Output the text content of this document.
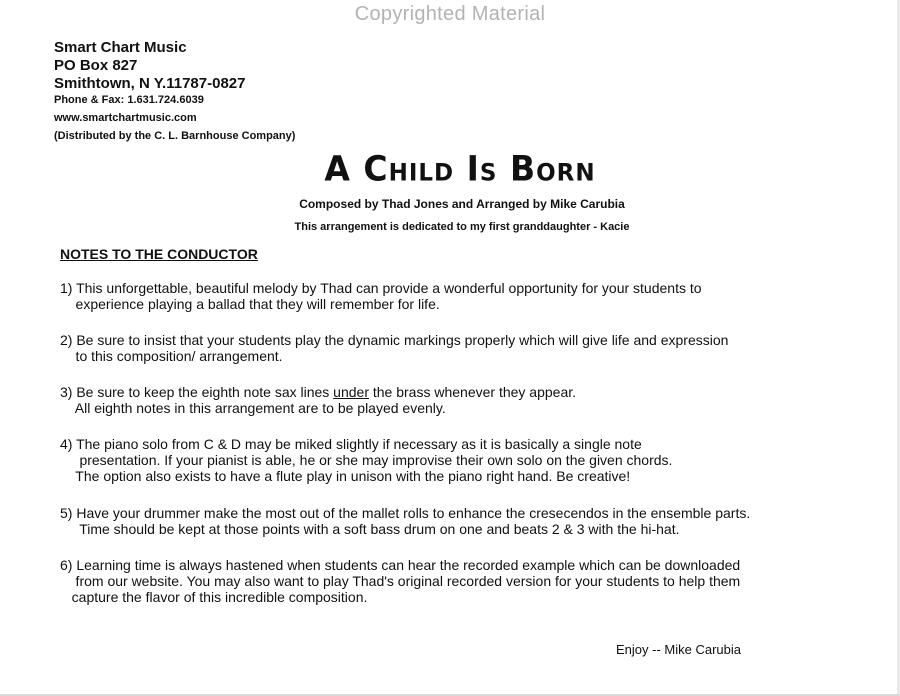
Copyrighted Material
Smart Chart Music
PO Box 827
Smithtown, N Y.11787-0827
Phone & Fax: 1.631.724.6039
www.smartchartmusic.com
(Distributed by the C. L. Barnhouse Company)
A Child Is Born
Composed by Thad Jones and Arranged by Mike Carubia
This arrangement is dedicated to my first granddaughter - Kacie
NOTES TO THE CONDUCTOR
1) This unforgettable, beautiful melody by Thad can provide a wonderful opportunity for your students to
experience playing a ballad that they will remember for life.
2) Be sure to insist that your students play the dynamic markings properly which will give life and expression
to this composition/ arrangement.
3) Be sure to keep the eighth note sax lines under the brass whenever they appear.
All eighth notes in this arrangement are to be played evenly.
4) The piano solo from C & D may be miked slightly if necessary as it is basically a single note
presentation. If your pianist is able, he or she may improvise their own solo on the given chords.
The option also exists to have a flute play in unison with the piano right hand. Be creative!
5) Have your drummer make the most out of the mallet rolls to enhance the cresecendos in the ensemble parts.
Time should be kept at those points with a soft bass drum on one and beats 2 & 3 with the hi-hat.
6) Learning time is always hastened when students can hear the recorded example which can be downloaded
from our website. You may also want to play Thad's original recorded version for your students to help them
capture the flavor of this incredible composition.
Enjoy -- Mike Carubia
